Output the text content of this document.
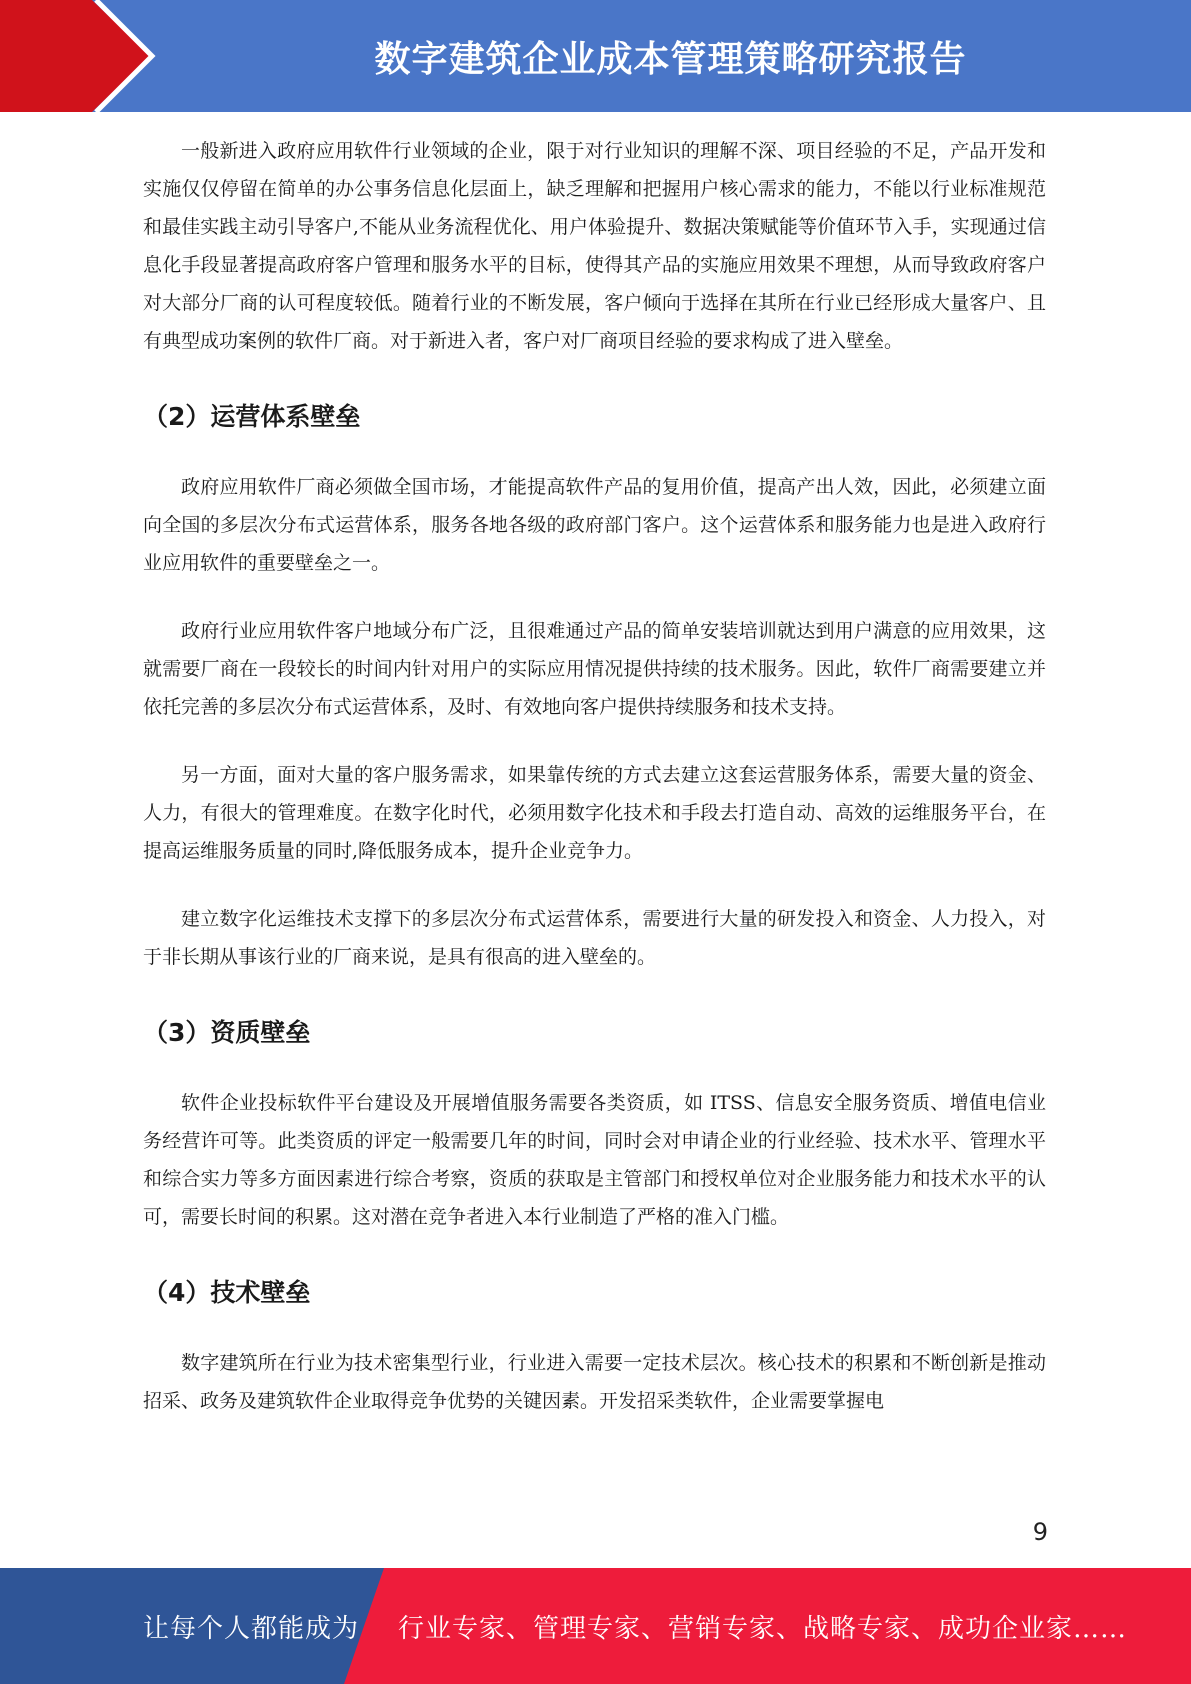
数字建筑企业成本管理策略研究报告

一般新进入政府应用软件行业领域的企业，限于对行业知识的理解不深、项目经验的不足，产品开发和实施仅仅停留在简单的办公事务信息化层面上，缺乏理解和把握用户核心需求的能力，不能以行业标准规范和最佳实践主动引导客户,不能从业务流程优化、用户体验提升、数据决策赋能等价值环节入手，实现通过信息化手段显著提高政府客户管理和服务水平的目标，使得其产品的实施应用效果不理想，从而导致政府客户对大部分厂商的认可程度较低。随着行业的不断发展，客户倾向于选择在其所在行业已经形成大量客户、且有典型成功案例的软件厂商。对于新进入者，客户对厂商项目经验的要求构成了进入壁垒。

（2）运营体系壁垒

政府应用软件厂商必须做全国市场，才能提高软件产品的复用价值，提高产出人效，因此，必须建立面向全国的多层次分布式运营体系，服务各地各级的政府部门客户。这个运营体系和服务能力也是进入政府行业应用软件的重要壁垒之一。

政府行业应用软件客户地域分布广泛，且很难通过产品的简单安装培训就达到用户满意的应用效果，这就需要厂商在一段较长的时间内针对用户的实际应用情况提供持续的技术服务。因此，软件厂商需要建立并依托完善的多层次分布式运营体系，及时、有效地向客户提供持续服务和技术支持。

另一方面，面对大量的客户服务需求，如果靠传统的方式去建立这套运营服务体系，需要大量的资金、人力，有很大的管理难度。在数字化时代，必须用数字化技术和手段去打造自动、高效的运维服务平台，在提高运维服务质量的同时,降低服务成本，提升企业竞争力。

建立数字化运维技术支撑下的多层次分布式运营体系，需要进行大量的研发投入和资金、人力投入，对于非长期从事该行业的厂商来说，是具有很高的进入壁垒的。

（3）资质壁垒

软件企业投标软件平台建设及开展增值服务需要各类资质，如 ITSS、信息安全服务资质、增值电信业务经营许可等。此类资质的评定一般需要几年的时间，同时会对申请企业的行业经验、技术水平、管理水平和综合实力等多方面因素进行综合考察，资质的获取是主管部门和授权单位对企业服务能力和技术水平的认可，需要长时间的积累。这对潜在竞争者进入本行业制造了严格的准入门槛。

（4）技术壁垒

数字建筑所在行业为技术密集型行业，行业进入需要一定技术层次。核心技术的积累和不断创新是推动招采、政务及建筑软件企业取得竞争优势的关键因素。开发招采类软件，企业需要掌握电

9
让每个人都能成为 行业专家、管理专家、营销专家、战略专家、成功企业家……
